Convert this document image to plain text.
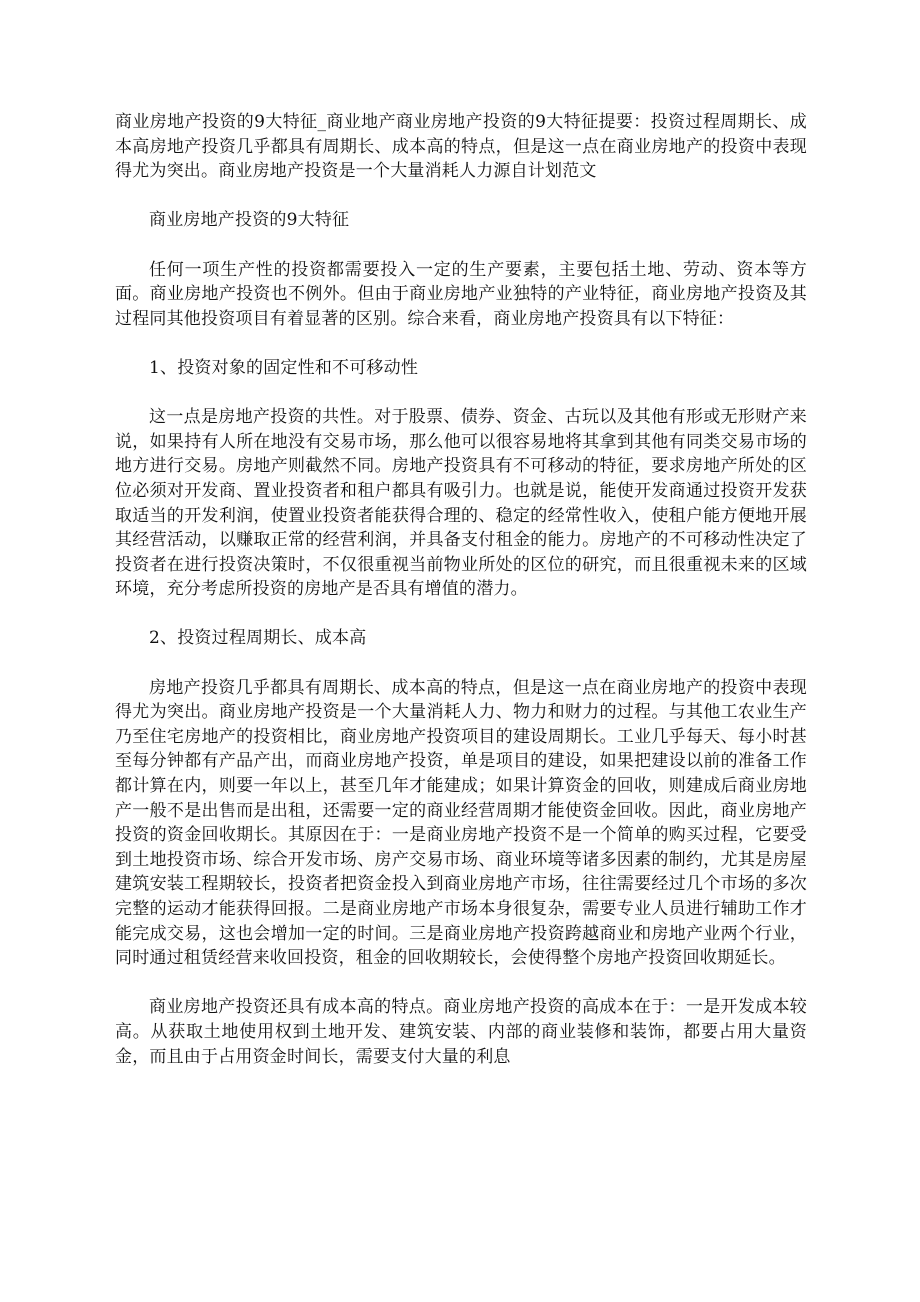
商业房地产投资的9大特征_商业地产商业房地产投资的9大特征提要：投资过程周期长、成本高房地产投资几乎都具有周期长、成本高的特点，但是这一点在商业房地产的投资中表现得尤为突出。商业房地产投资是一个大量消耗人力源自计划范文

商业房地产投资的9大特征

任何一项生产性的投资都需要投入一定的生产要素，主要包括土地、劳动、资本等方面。商业房地产投资也不例外。但由于商业房地产业独特的产业特征，商业房地产投资及其过程同其他投资项目有着显著的区别。综合来看，商业房地产投资具有以下特征：

1、投资对象的固定性和不可移动性

这一点是房地产投资的共性。对于股票、债券、资金、古玩以及其他有形或无形财产来说，如果持有人所在地没有交易市场，那么他可以很容易地将其拿到其他有同类交易市场的地方进行交易。房地产则截然不同。房地产投资具有不可移动的特征，要求房地产所处的区位必须对开发商、置业投资者和租户都具有吸引力。也就是说，能使开发商通过投资开发获取适当的开发利润，使置业投资者能获得合理的、稳定的经常性收入，使租户能方便地开展其经营活动，以赚取正常的经营利润，并具备支付租金的能力。房地产的不可移动性决定了投资者在进行投资决策时，不仅很重视当前物业所处的区位的研究，而且很重视未来的区域环境，充分考虑所投资的房地产是否具有增值的潜力。

2、投资过程周期长、成本高

房地产投资几乎都具有周期长、成本高的特点，但是这一点在商业房地产的投资中表现得尤为突出。商业房地产投资是一个大量消耗人力、物力和财力的过程。与其他工农业生产乃至住宅房地产的投资相比，商业房地产投资项目的建设周期长。工业几乎每天、每小时甚至每分钟都有产品产出，而商业房地产投资，单是项目的建设，如果把建设以前的准备工作都计算在内，则要一年以上，甚至几年才能建成；如果计算资金的回收，则建成后商业房地产一般不是出售而是出租，还需要一定的商业经营周期才能使资金回收。因此，商业房地产投资的资金回收期长。其原因在于：一是商业房地产投资不是一个简单的购买过程，它要受到土地投资市场、综合开发市场、房产交易市场、商业环境等诸多因素的制约，尤其是房屋建筑安装工程期较长，投资者把资金投入到商业房地产市场，往往需要经过几个市场的多次完整的运动才能获得回报。二是商业房地产市场本身很复杂，需要专业人员进行辅助工作才能完成交易，这也会增加一定的时间。三是商业房地产投资跨越商业和房地产业两个行业，同时通过租赁经营来收回投资，租金的回收期较长，会使得整个房地产投资回收期延长。

商业房地产投资还具有成本高的特点。商业房地产投资的高成本在于：一是开发成本较高。从获取土地使用权到土地开发、建筑安装、内部的商业装修和装饰，都要占用大量资金，而且由于占用资金时间长，需要支付大量的利息
